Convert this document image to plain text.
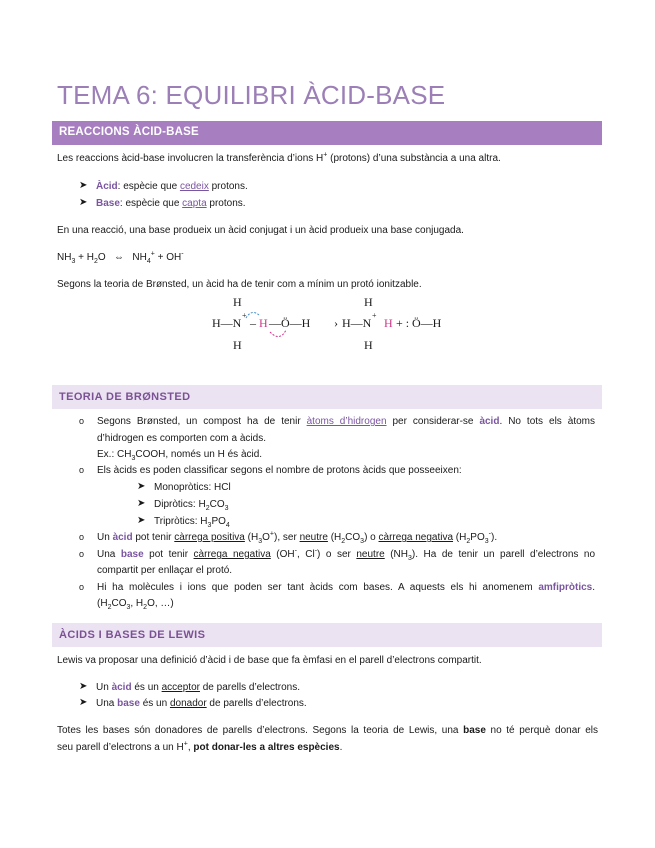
TEMA 6: EQUILIBRI ÀCID-BASE
REACCIONS ÀCID-BASE
Les reaccions àcid-base involucren la transferència d’ions H+ (protons) d’una substància a una altra.
➤ Àcid: espècie que cedeix protons.
➤ Base: espècie que capta protons.
En una reacció, una base produeix un àcid conjugat i un àcid produeix una base conjugada.
$NH_3 + H_2O$ ⇔ $NH_4^+ + OH^-$
Segons la teoria de Brønsted, un àcid ha de tenir com a mínim un protó ionitzable.
H
H—N
+
– H —Ö—H
H
›
H
H—N
+
H + : Ö—H
H
TEORIA DE BRØNSTED
o Segons Brønsted, un compost ha de tenir àtoms d’hidrogen per considerar-se àcid. No tots els àtoms
d’hidrogen es comporten com a àcids.
Ex.: $CH_3COOH$, només un H és àcid.
o Els àcids es poden classificar segons el nombre de protons àcids que posseeixen:
➤ Monopròtics: HCl
➤ Dipròtics: $H_2CO_3$
➤ Tripròtics: $H_3PO_4$
o Un àcid pot tenir càrrega positiva $(H_3O^+)$, ser neutre $(H_2CO_3)$ o càrrega negativa $(H_2PO_3^-)$.
o Una base pot tenir càrrega negativa (OH-, Cl-) o ser neutre $(NH_3)$. Ha de tenir un parell d’electrons no
compartit per enllaçar el protó.
o Hi ha molècules i ions que poden ser tant àcids com bases. A aquests els hi anomenem amfipròtics.
($H_2CO_3$, $H_2O$, …)
ÀCIDS I BASES DE LEWIS
Lewis va proposar una definició d’àcid i de base que fa èmfasi en el parell d’electrons compartit.
➤ Un àcid és un acceptor de parells d’electrons.
➤ Una base és un donador de parells d’electrons.
Totes les bases són donadores de parells d’electrons. Segons la teoria de Lewis, una base no té perquè donar els
seu parell d’electrons a un H+, pot donar-les a altres espècies.
